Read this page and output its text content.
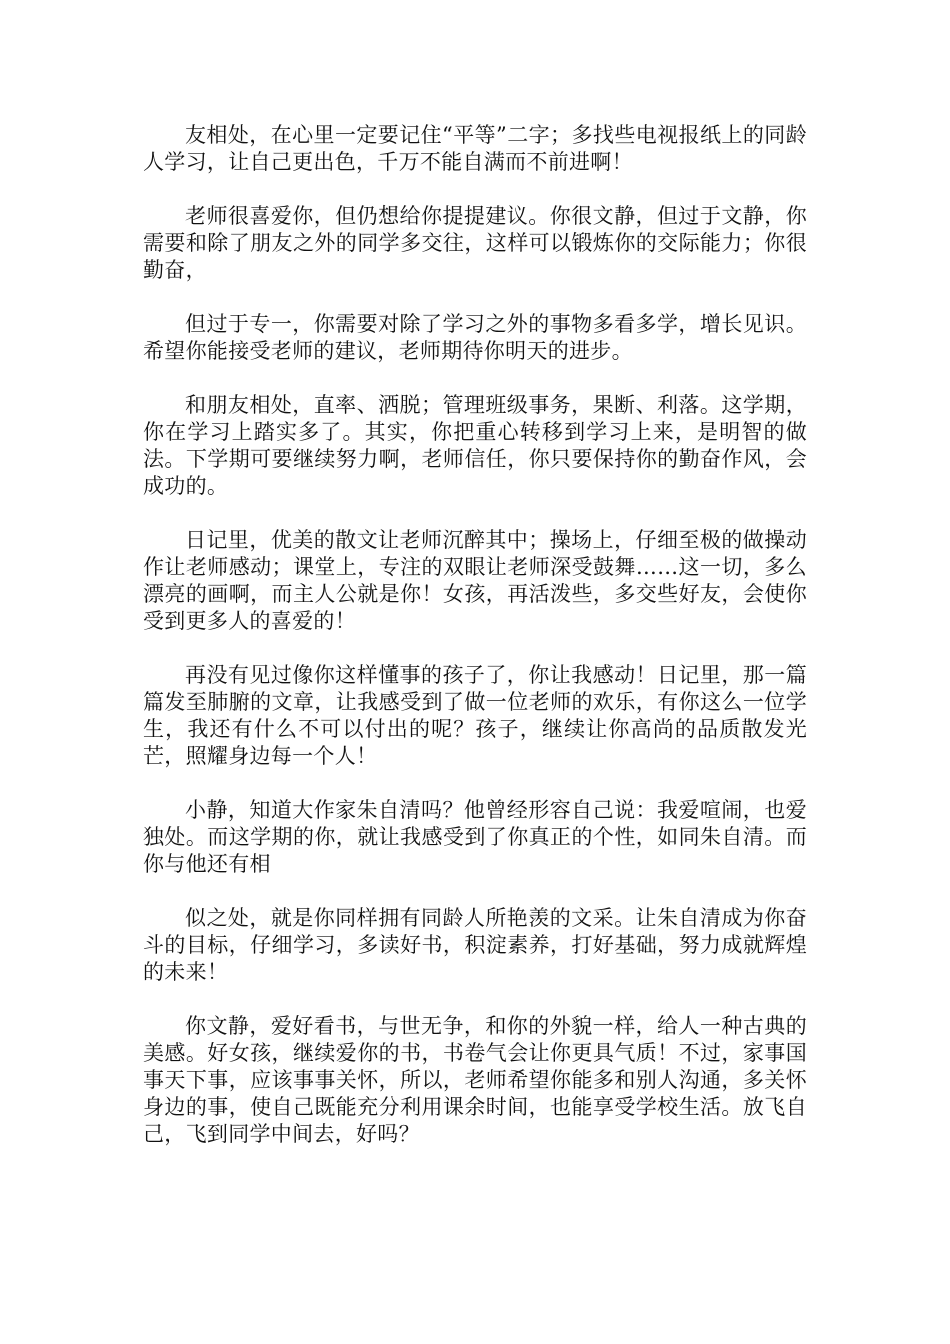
友相处，在心里一定要记住“平等”二字；多找些电视报纸上的同龄人学习，让自己更出色，千万不能自满而不前进啊！

老师很喜爱你，但仍想给你提提建议。你很文静，但过于文静，你需要和除了朋友之外的同学多交往，这样可以锻炼你的交际能力；你很勤奋，

但过于专一，你需要对除了学习之外的事物多看多学，增长见识。希望你能接受老师的建议，老师期待你明天的进步。

和朋友相处，直率、洒脱；管理班级事务，果断、利落。这学期，你在学习上踏实多了。其实，你把重心转移到学习上来，是明智的做法。下学期可要继续努力啊，老师信任，你只要保持你的勤奋作风，会成功的。

日记里，优美的散文让老师沉醉其中；操场上，仔细至极的做操动作让老师感动；课堂上，专注的双眼让老师深受鼓舞……这一切，多么漂亮的画啊，而主人公就是你！女孩，再活泼些，多交些好友，会使你受到更多人的喜爱的！

再没有见过像你这样懂事的孩子了，你让我感动！日记里，那一篇篇发至肺腑的文章，让我感受到了做一位老师的欢乐，有你这么一位学生，我还有什么不可以付出的呢？孩子，继续让你高尚的品质散发光芒，照耀身边每一个人！

小静，知道大作家朱自清吗？他曾经形容自己说：我爱喧闹，也爱独处。而这学期的你，就让我感受到了你真正的个性，如同朱自清。而你与他还有相

似之处，就是你同样拥有同龄人所艳羡的文采。让朱自清成为你奋斗的目标，仔细学习，多读好书，积淀素养，打好基础，努力成就辉煌的未来！

你文静，爱好看书，与世无争，和你的外貌一样，给人一种古典的美感。好女孩，继续爱你的书，书卷气会让你更具气质！不过，家事国事天下事，应该事事关怀，所以，老师希望你能多和别人沟通，多关怀身边的事，使自己既能充分利用课余时间，也能享受学校生活。放飞自己，飞到同学中间去，好吗？
